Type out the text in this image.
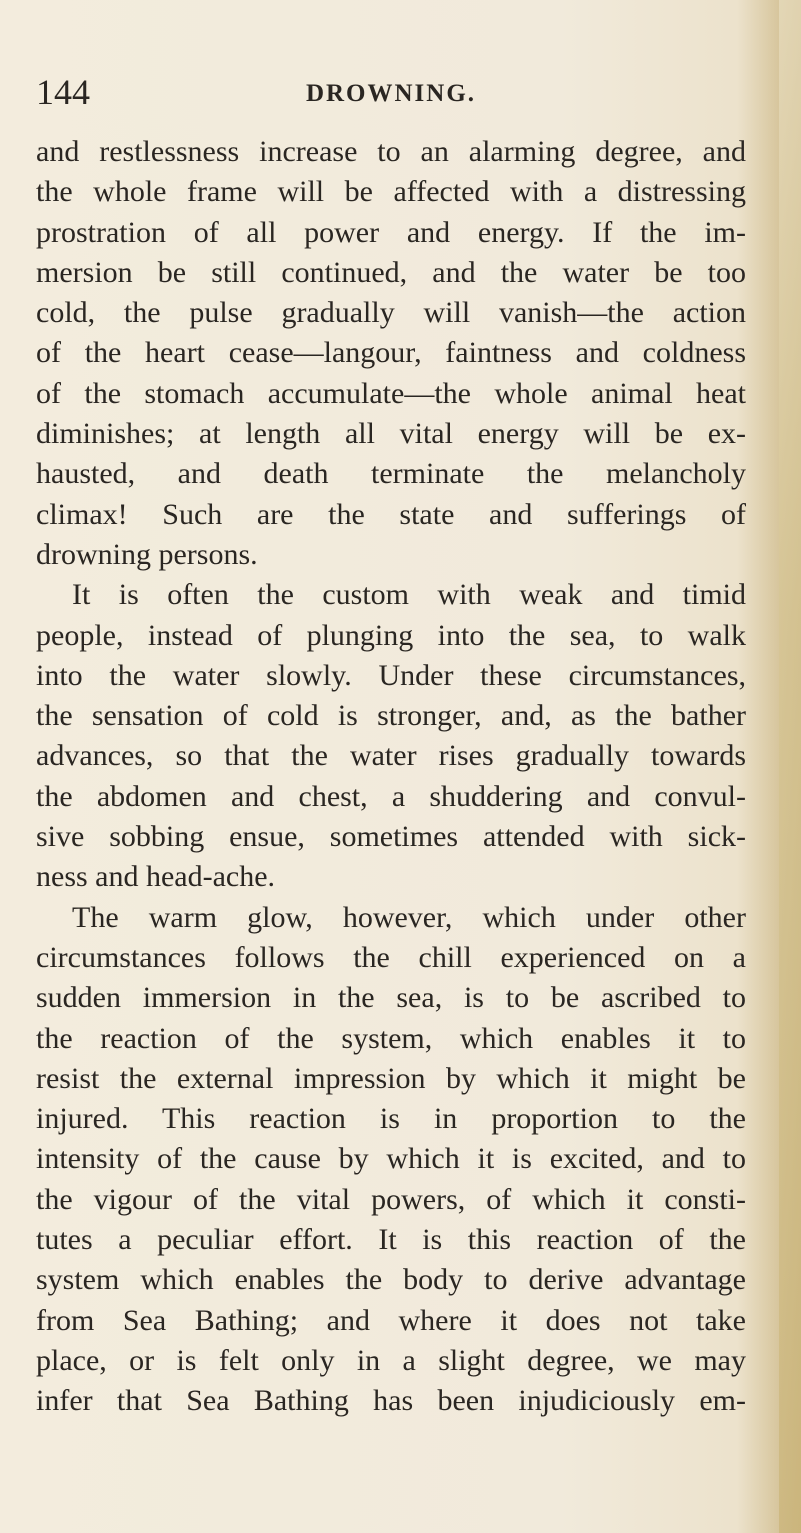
144	DROWNING.
and restlessness increase to an alarming degree, and
the whole frame will be affected with a distressing
prostration of all power and energy. If the im-
mersion be still continued, and the water be too
cold, the pulse gradually will vanish—the action
of the heart cease—langour, faintness and coldness
of the stomach accumulate—the whole animal heat
diminishes; at length all vital energy will be ex-
hausted, and death terminate the melancholy
climax! Such are the state and sufferings of
drowning persons.
It is often the custom with weak and timid
people, instead of plunging into the sea, to walk
into the water slowly. Under these circumstances,
the sensation of cold is stronger, and, as the bather
advances, so that the water rises gradually towards
the abdomen and chest, a shuddering and convul-
sive sobbing ensue, sometimes attended with sick-
ness and head-ache.
The warm glow, however, which under other
circumstances follows the chill experienced on a
sudden immersion in the sea, is to be ascribed to
the reaction of the system, which enables it to
resist the external impression by which it might be
injured. This reaction is in proportion to the
intensity of the cause by which it is excited, and to
the vigour of the vital powers, of which it consti-
tutes a peculiar effort. It is this reaction of the
system which enables the body to derive advantage
from Sea Bathing; and where it does not take
place, or is felt only in a slight degree, we may
infer that Sea Bathing has been injudiciously em-
